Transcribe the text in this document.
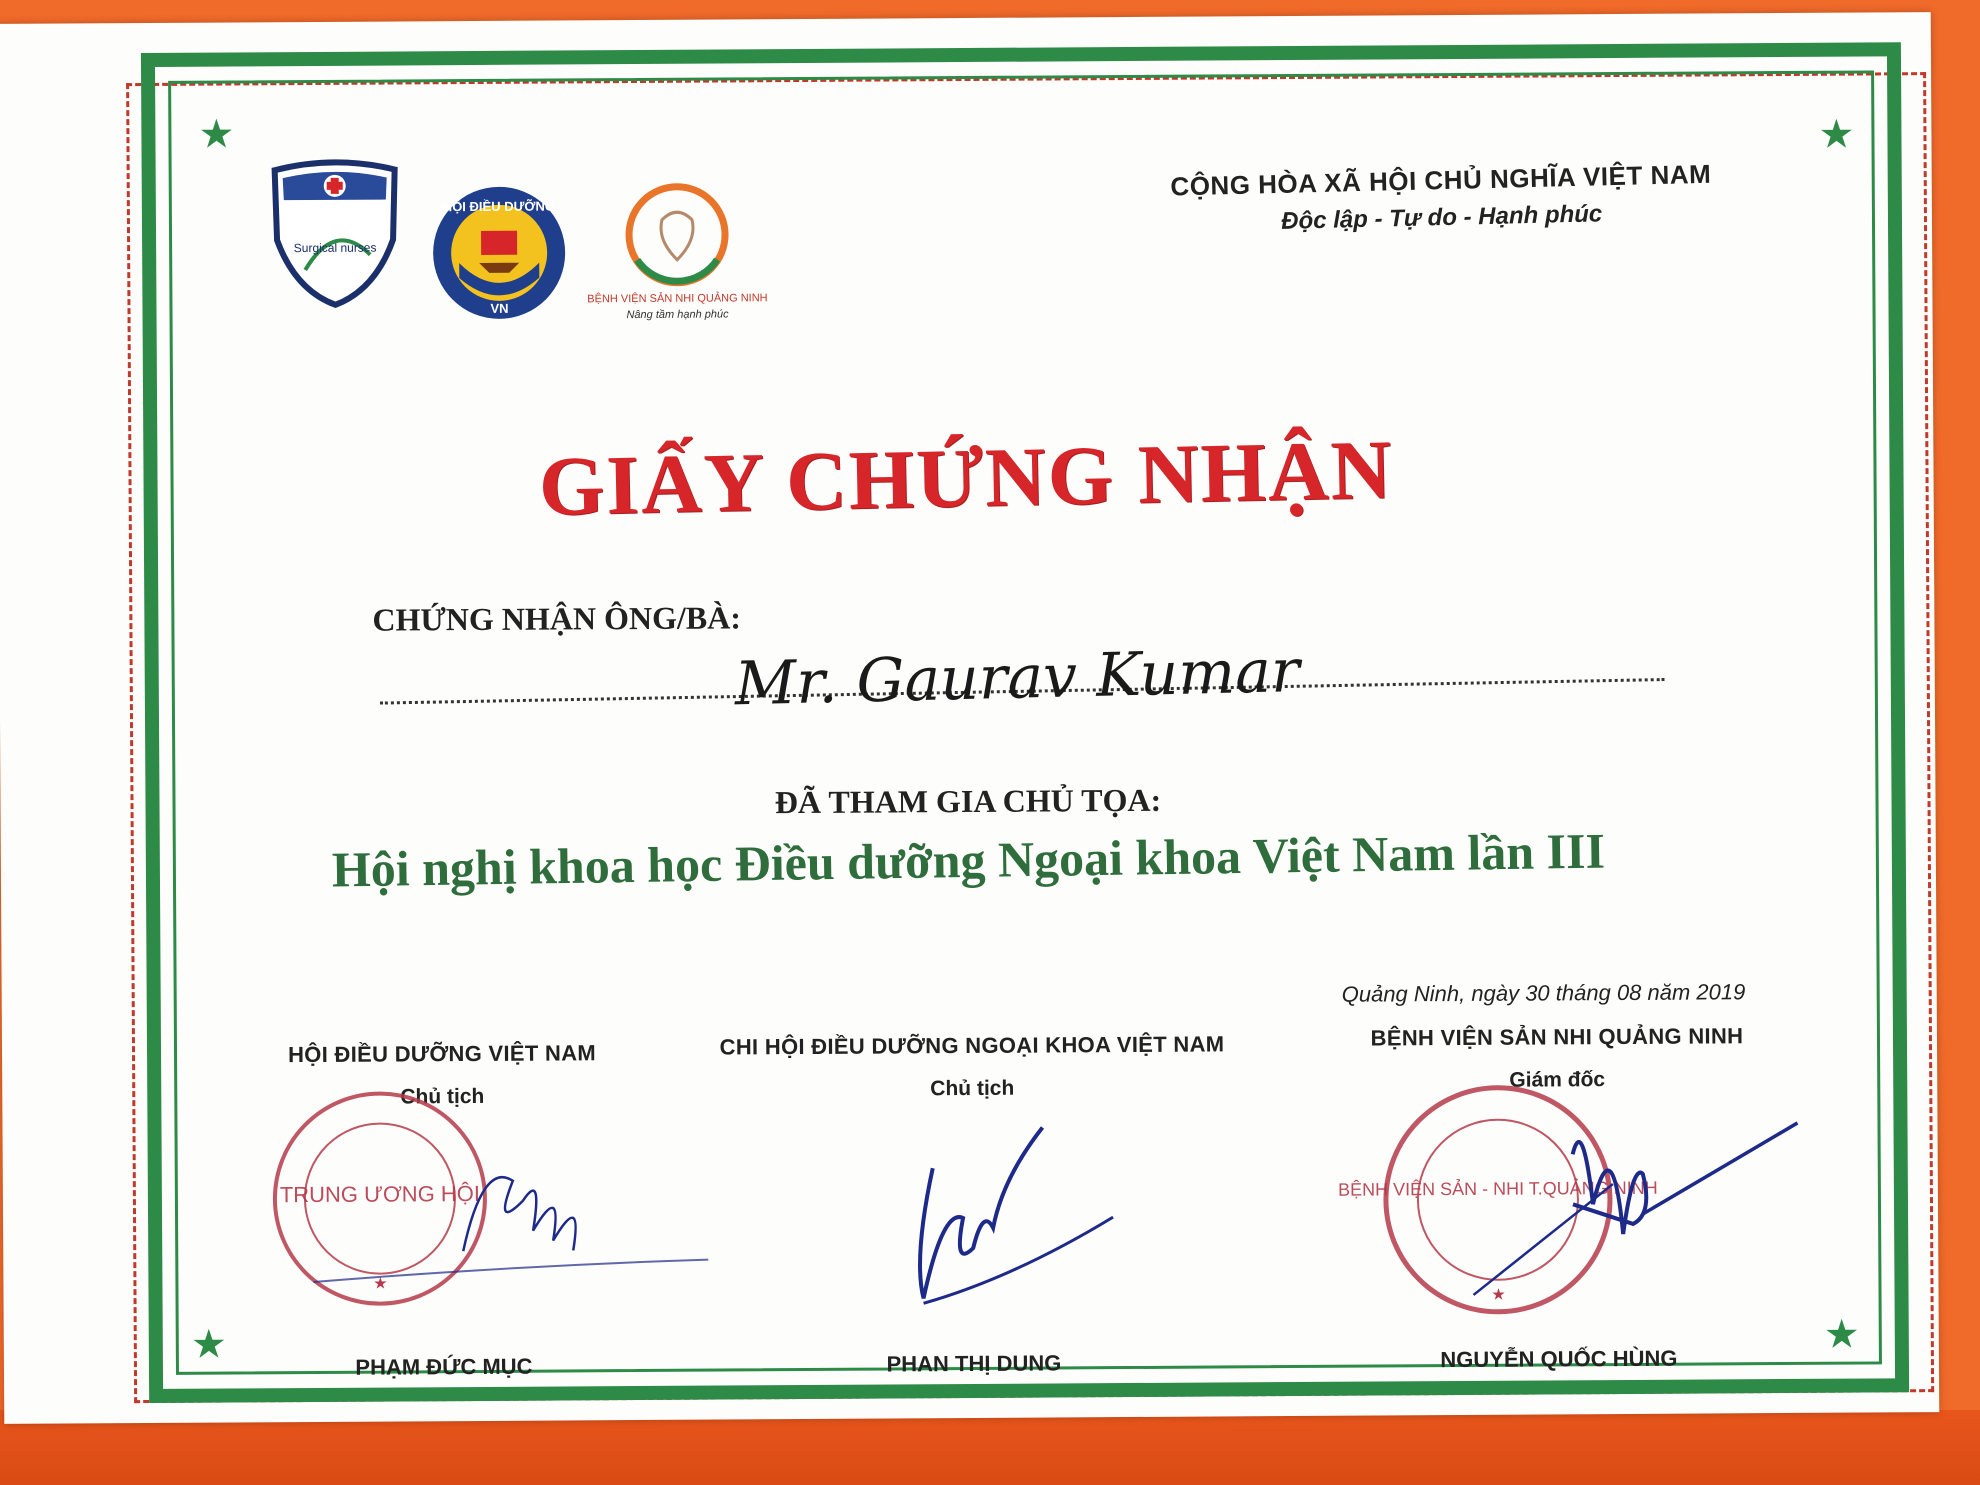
★	★
★	★
Surgical nurses
HỘI ĐIỀU DƯỠNG
VN
BỆNH VIỆN SẢN NHI QUẢNG NINH
Nâng tầm hạnh phúc
CỘNG HÒA XÃ HỘI CHỦ NGHĨA VIỆT NAM
Độc lập - Tự do - Hạnh phúc
GIẤY CHỨNG NHẬN
CHỨNG NHẬN ÔNG/BÀ:
Mr. Gaurav Kumar
ĐÃ THAM GIA CHỦ TỌA:
Hội nghị khoa học Điều dưỡng Ngoại khoa Việt Nam lần III
Quảng Ninh, ngày 30 tháng 08 năm 2019
HỘI ĐIỀU DƯỠNG VIỆT NAM
Chủ tịch
CHI HỘI ĐIỀU DƯỠNG NGOẠI KHOA VIỆT NAM
Chủ tịch
BỆNH VIỆN SẢN NHI QUẢNG NINH
Giám đốc
TRUNG ƯƠNG HỘI
★
BỆNH VIỆN SẢN - NHI T.QUẢNG NINH
★
PHẠM ĐỨC MỤC	PHAN THỊ DUNG	NGUYỄN QUỐC HÙNG
